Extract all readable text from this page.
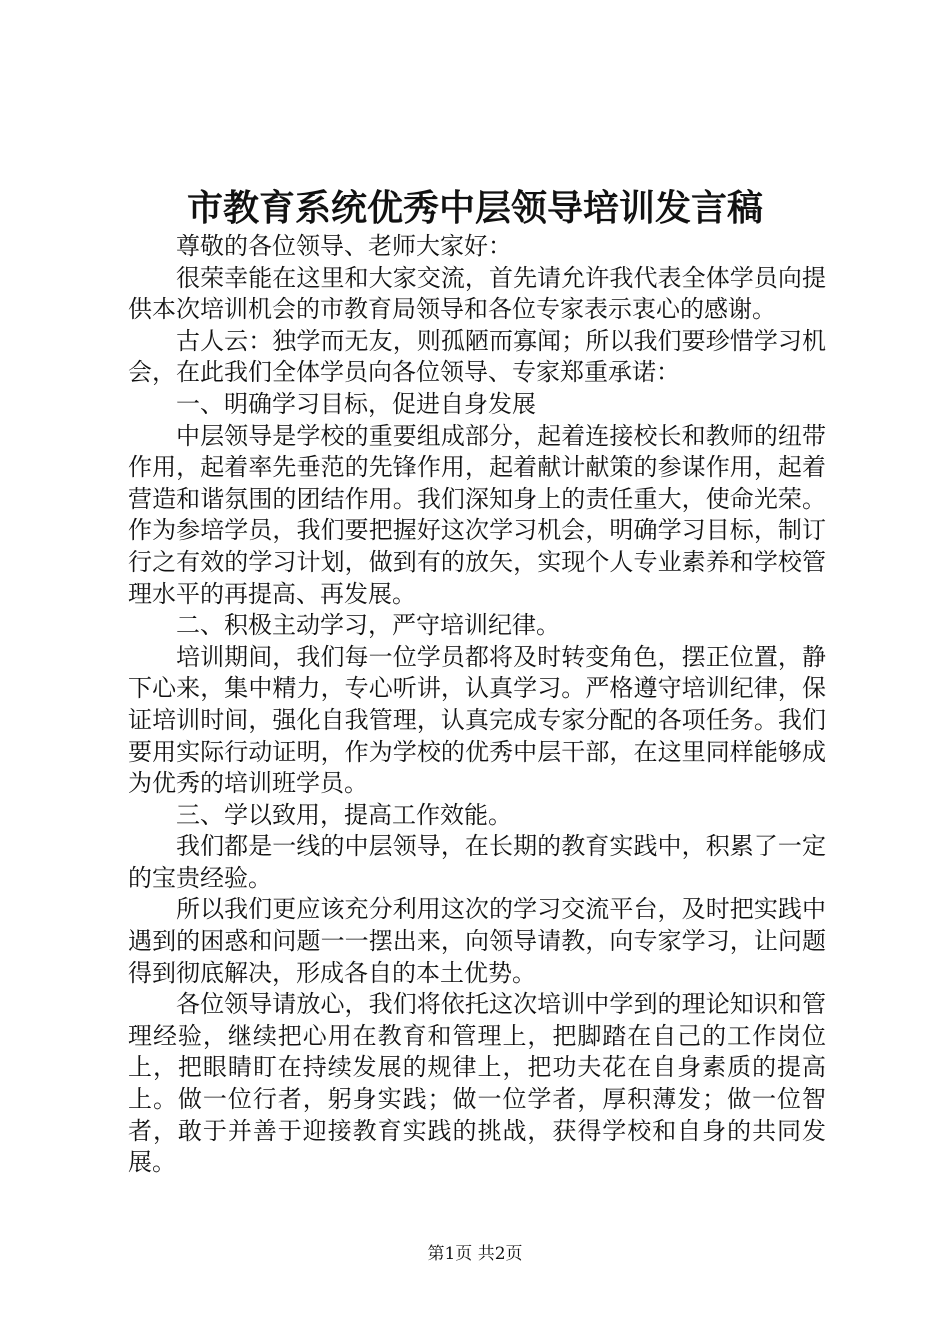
市教育系统优秀中层领导培训发言稿

尊敬的各位领导、老师大家好：

很荣幸能在这里和大家交流，首先请允许我代表全体学员向提供本次培训机会的市教育局领导和各位专家表示衷心的感谢。

古人云：独学而无友，则孤陋而寡闻；所以我们要珍惜学习机会，在此我们全体学员向各位领导、专家郑重承诺：

一、明确学习目标，促进自身发展

中层领导是学校的重要组成部分，起着连接校长和教师的纽带作用，起着率先垂范的先锋作用，起着献计献策的参谋作用，起着营造和谐氛围的团结作用。我们深知身上的责任重大，使命光荣。作为参培学员，我们要把握好这次学习机会，明确学习目标，制订行之有效的学习计划，做到有的放矢，实现个人专业素养和学校管理水平的再提高、再发展。

二、积极主动学习，严守培训纪律。

培训期间，我们每一位学员都将及时转变角色，摆正位置，静下心来，集中精力，专心听讲，认真学习。严格遵守培训纪律，保证培训时间，强化自我管理，认真完成专家分配的各项任务。我们要用实际行动证明，作为学校的优秀中层干部，在这里同样能够成为优秀的培训班学员。

三、学以致用，提高工作效能。

我们都是一线的中层领导，在长期的教育实践中，积累了一定的宝贵经验。

所以我们更应该充分利用这次的学习交流平台，及时把实践中遇到的困惑和问题一一摆出来，向领导请教，向专家学习，让问题得到彻底解决，形成各自的本土优势。

各位领导请放心，我们将依托这次培训中学到的理论知识和管理经验，继续把心用在教育和管理上，把脚踏在自己的工作岗位上，把眼睛盯在持续发展的规律上，把功夫花在自身素质的提高上。做一位行者，躬身实践；做一位学者，厚积薄发；做一位智者，敢于并善于迎接教育实践的挑战，获得学校和自身的共同发展。

第1页 共2页
